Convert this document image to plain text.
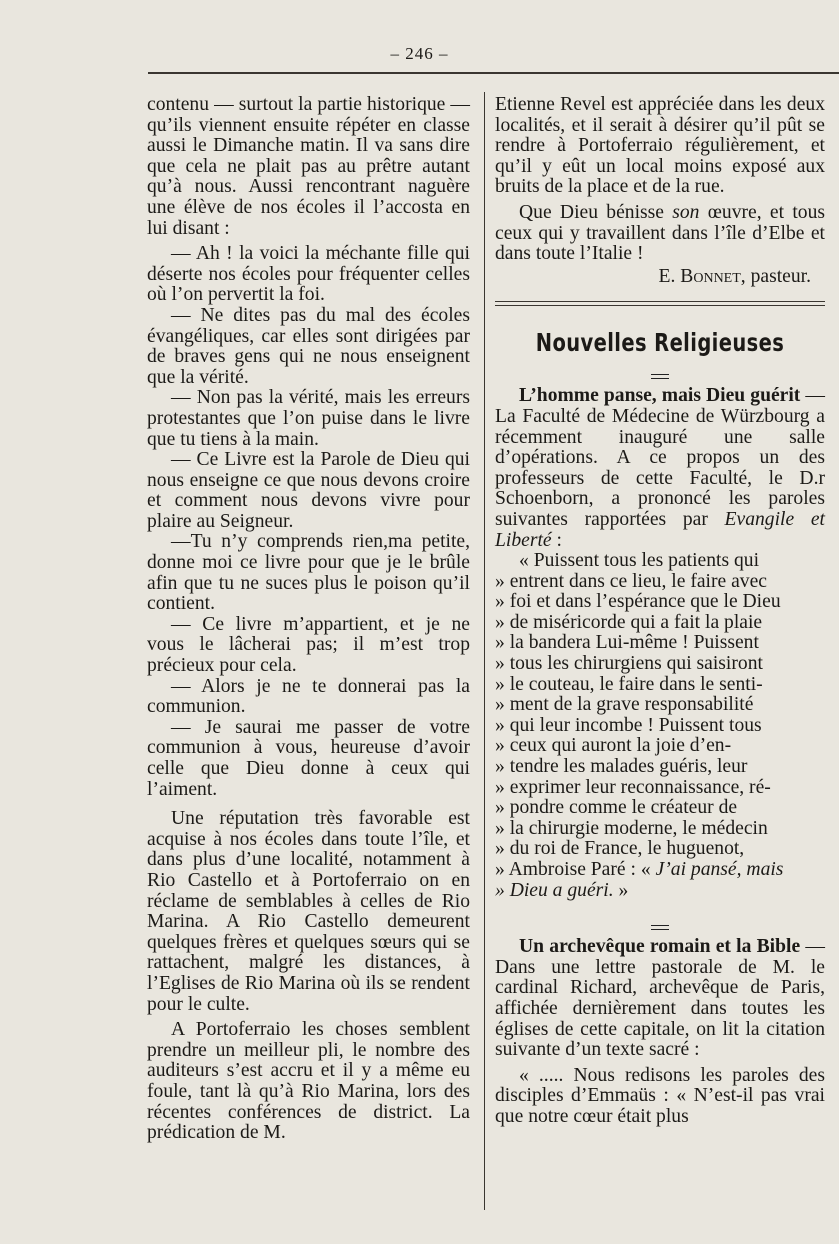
– 246 –

contenu — surtout la partie historique — qu’ils viennent ensuite répéter en classe aussi le Dimanche matin. Il va sans dire que cela ne plait pas au prêtre autant qu’à nous. Aussi rencontrant naguère une élève de nos écoles il l’accosta en lui disant :

— Ah ! la voici la méchante fille qui déserte nos écoles pour fréquenter celles où l’on pervertit la foi.

— Ne dites pas du mal des écoles évangéliques, car elles sont dirigées par de braves gens qui ne nous enseignent que la vérité.

— Non pas la vérité, mais les erreurs protestantes que l’on puise dans le livre que tu tiens à la main.

— Ce Livre est la Parole de Dieu qui nous enseigne ce que nous devons croire et comment nous devons vivre pour plaire au Seigneur.

—Tu n’y comprends rien,ma petite, donne moi ce livre pour que je le brûle afin que tu ne suces plus le poison qu’il contient.

— Ce livre m’appartient, et je ne vous le lâcherai pas; il m’est trop précieux pour cela.

— Alors je ne te donnerai pas la communion.

— Je saurai me passer de votre communion à vous, heureuse d’avoir celle que Dieu donne à ceux qui l’aiment.

Une réputation très favorable est acquise à nos écoles dans toute l’île, et dans plus d’une localité, notamment à Rio Castello et à Portoferraio on en réclame de semblables à celles de Rio Marina. A Rio Castello demeurent quelques frères et quelques sœurs qui se rattachent, malgré les distances, à l’Eglises de Rio Marina où ils se rendent pour le culte.

A Portoferraio les choses semblent prendre un meilleur pli, le nombre des auditeurs s’est accru et il y a même eu foule, tant là qu’à Rio Marina, lors des récentes conférences de district. La prédication de M.

Etienne Revel est appréciée dans les deux localités, et il serait à désirer qu’il pût se rendre à Portoferraio régulièrement, et qu’il y eût un local moins exposé aux bruits de la place et de la rue.

Que Dieu bénisse son œuvre, et tous ceux qui y travaillent dans l’île d’Elbe et dans toute l’Italie !

E. Bonnet, pasteur.
Nouvelles Religieuses

L’homme panse, mais Dieu guérit — La Faculté de Médecine de Würzbourg a récemment inauguré une salle d’opérations. A ce propos un des professeurs de cette Faculté, le D.r Schoenborn, a prononcé les paroles suivantes rapportées par Evangile et Liberté :

« Puissent tous les patients qui
» entrent dans ce lieu, le faire avec
» foi et dans l’espérance que le Dieu
» de miséricorde qui a fait la plaie
» la bandera Lui-même ! Puissent
» tous les chirurgiens qui saisiront
» le couteau, le faire dans le senti-
» ment de la grave responsabilité
» qui leur incombe ! Puissent tous
» ceux qui auront la joie d’en-
» tendre les malades guéris, leur
» exprimer leur reconnaissance, ré-
» pondre comme le créateur de
» la chirurgie moderne, le médecin
» du roi de France, le huguenot,
» Ambroise Paré : « J’ai pansé, mais
» Dieu a guéri. »

Un archevêque romain et la Bible — Dans une lettre pastorale de M. le cardinal Richard, archevêque de Paris, affichée dernièrement dans toutes les églises de cette capitale, on lit la citation suivante d’un texte sacré :

« ..... Nous redisons les paroles des disciples d’Emmaüs : « N’est-il pas vrai que notre cœur était plus
